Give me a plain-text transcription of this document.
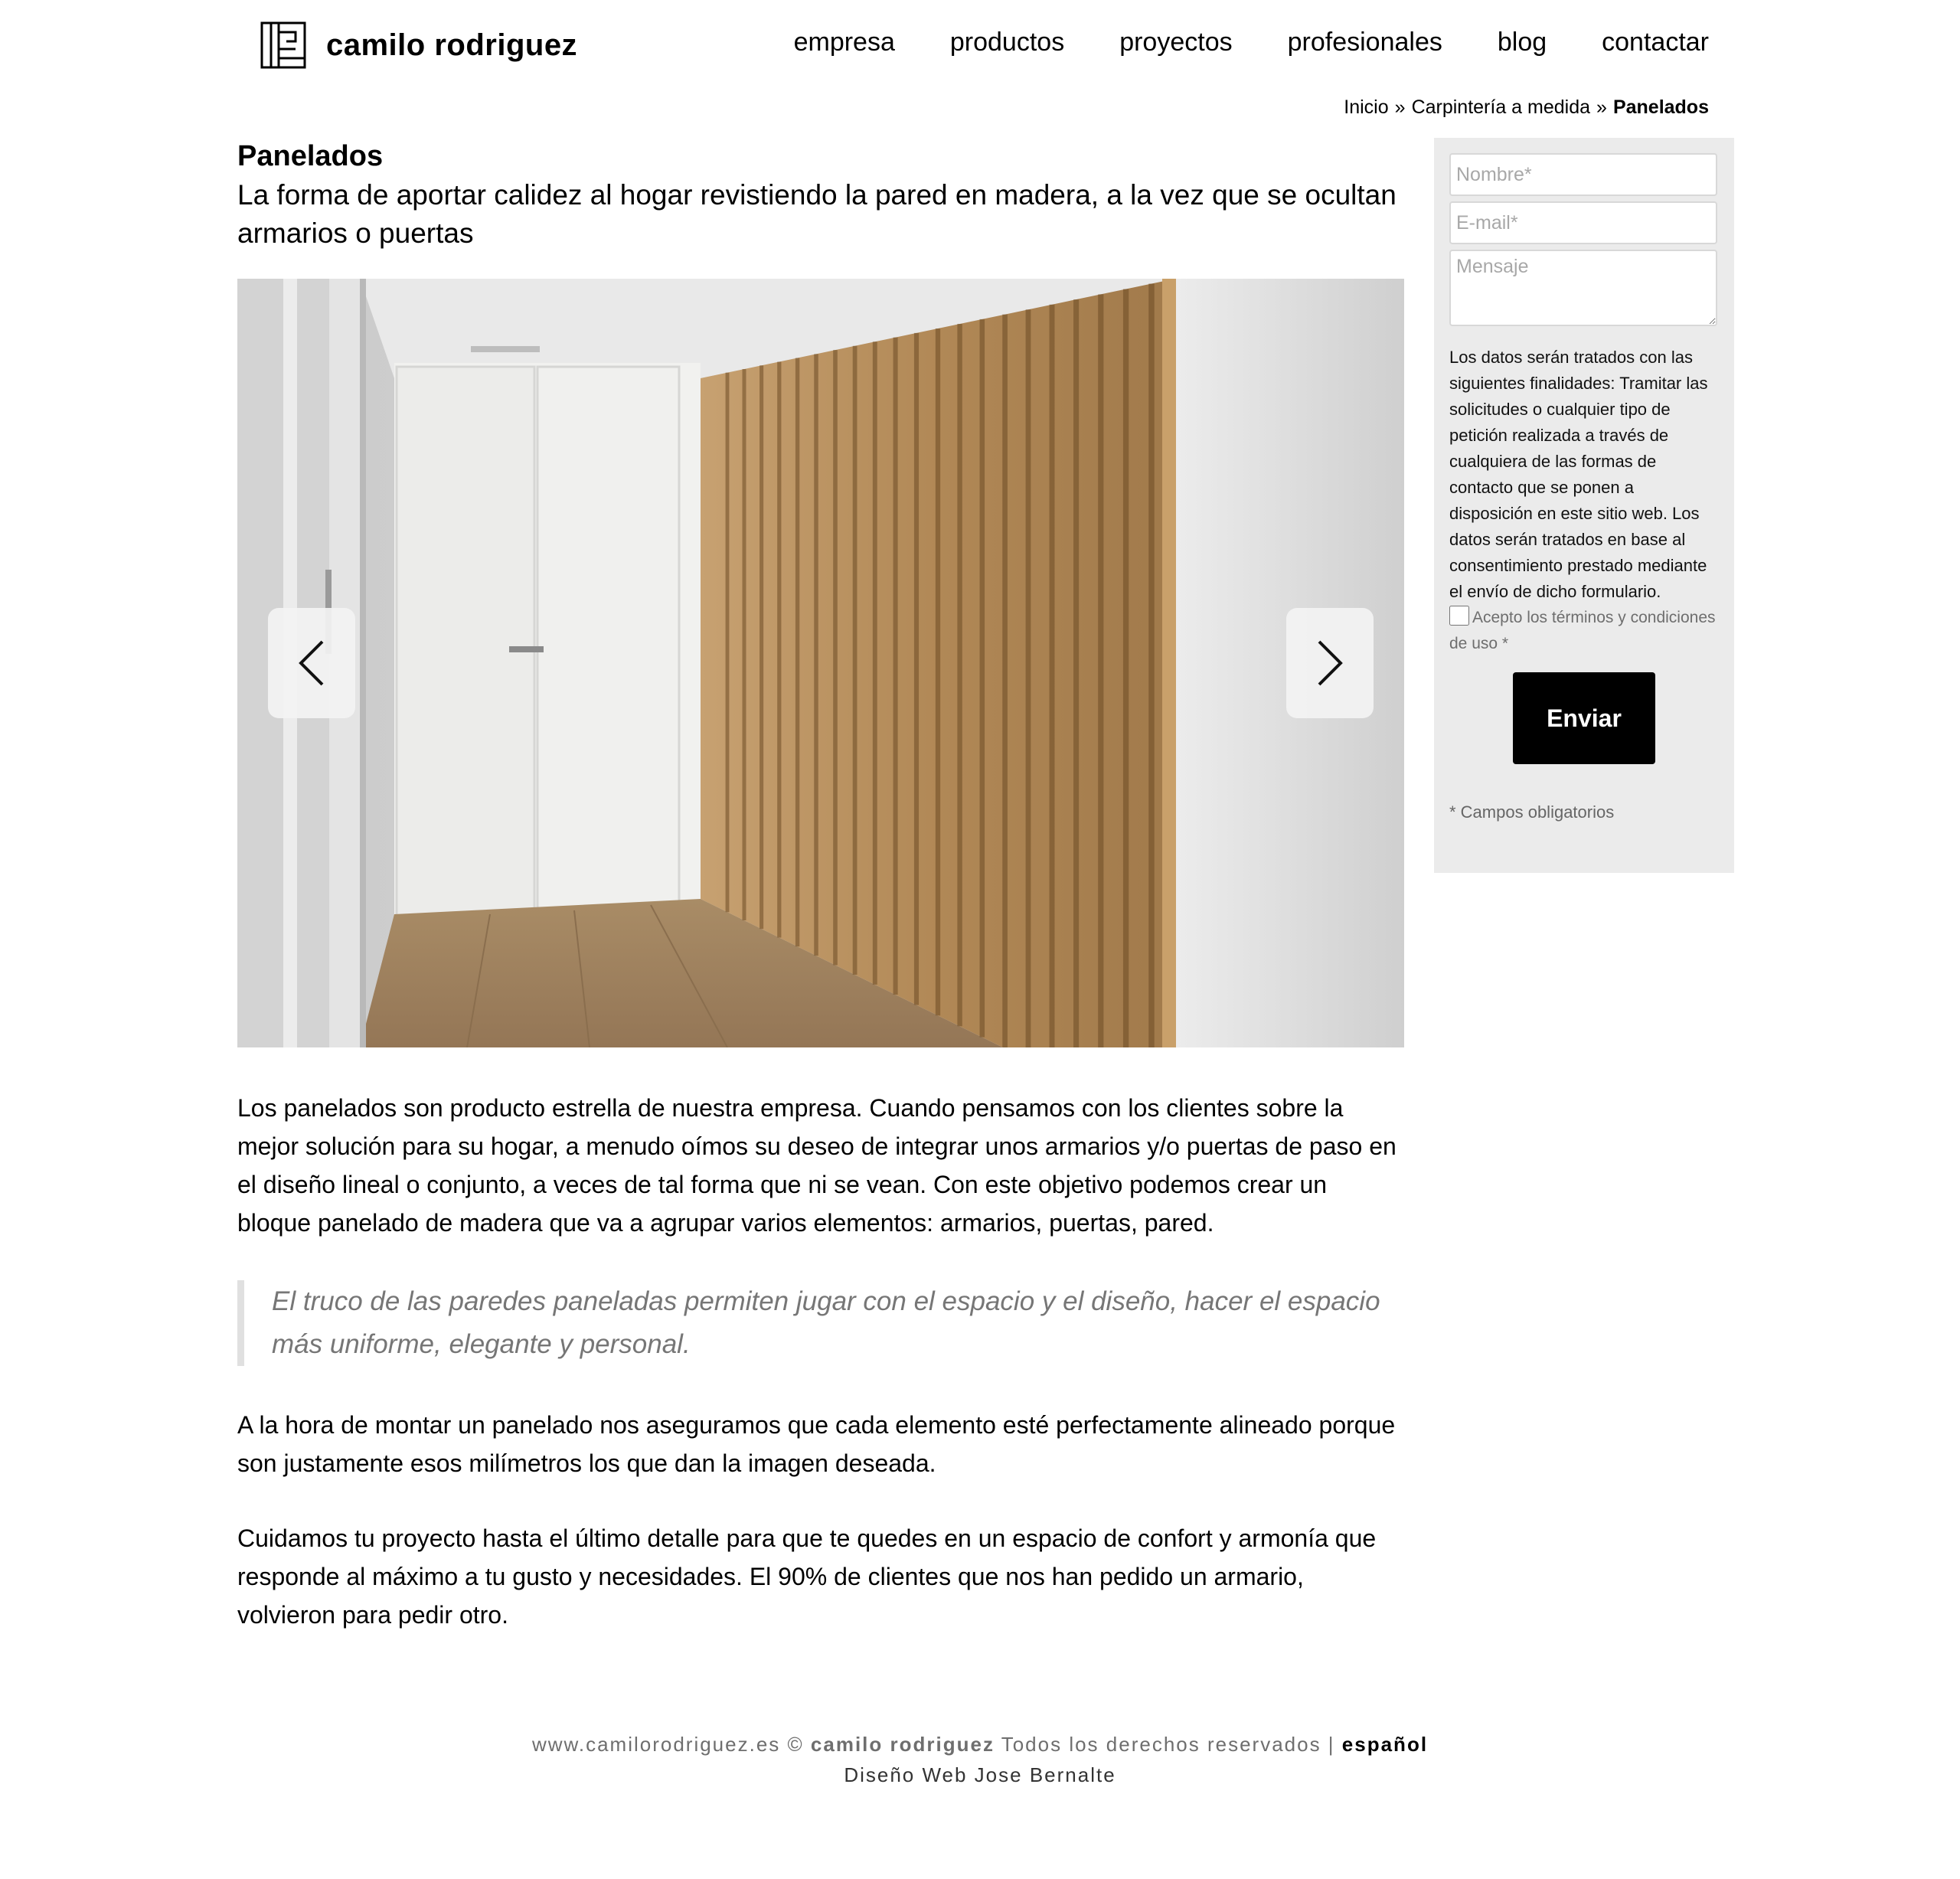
camilo rodriguez	empresa productos proyectos profesionales blog contactar
Inicio » Carpintería a medida » Panelados
Panelados
La forma de aportar calidez al hogar revistiendo la pared en madera, a la vez que se ocultan armarios o puertas

Los panelados son producto estrella de nuestra empresa. Cuando pensamos con los clientes sobre la mejor solución para su hogar, a menudo oímos su deseo de integrar unos armarios y/o puertas de paso en el diseño lineal o conjunto, a veces de tal forma que ni se vean. Con este objetivo podemos crear un bloque panelado de madera que va a agrupar varios elementos: armarios, puertas, pared.

El truco de las paredes paneladas permiten jugar con el espacio y el diseño, hacer el espacio más uniforme, elegante y personal.

A la hora de montar un panelado nos aseguramos que cada elemento esté perfectamente alineado porque son justamente esos milímetros los que dan la imagen deseada.

Cuidamos tu proyecto hasta el último detalle para que te quedes en un espacio de confort y armonía que responde al máximo a tu gusto y necesidades. El 90% de clientes que nos han pedido un armario, volvieron para pedir otro.

Nombre*
E-mail*
Mensaje
Los datos serán tratados con las siguientes finalidades: Tramitar las solicitudes o cualquier tipo de petición realizada a través de cualquiera de las formas de contacto que se ponen a disposición en este sitio web. Los datos serán tratados en base al consentimiento prestado mediante el envío de dicho formulario.
Acepto los términos y condiciones de uso *
Enviar
* Campos obligatorios
www.camilorodriguez.es © camilo rodriguez Todos los derechos reservados | español
Diseño Web Jose Bernalte
